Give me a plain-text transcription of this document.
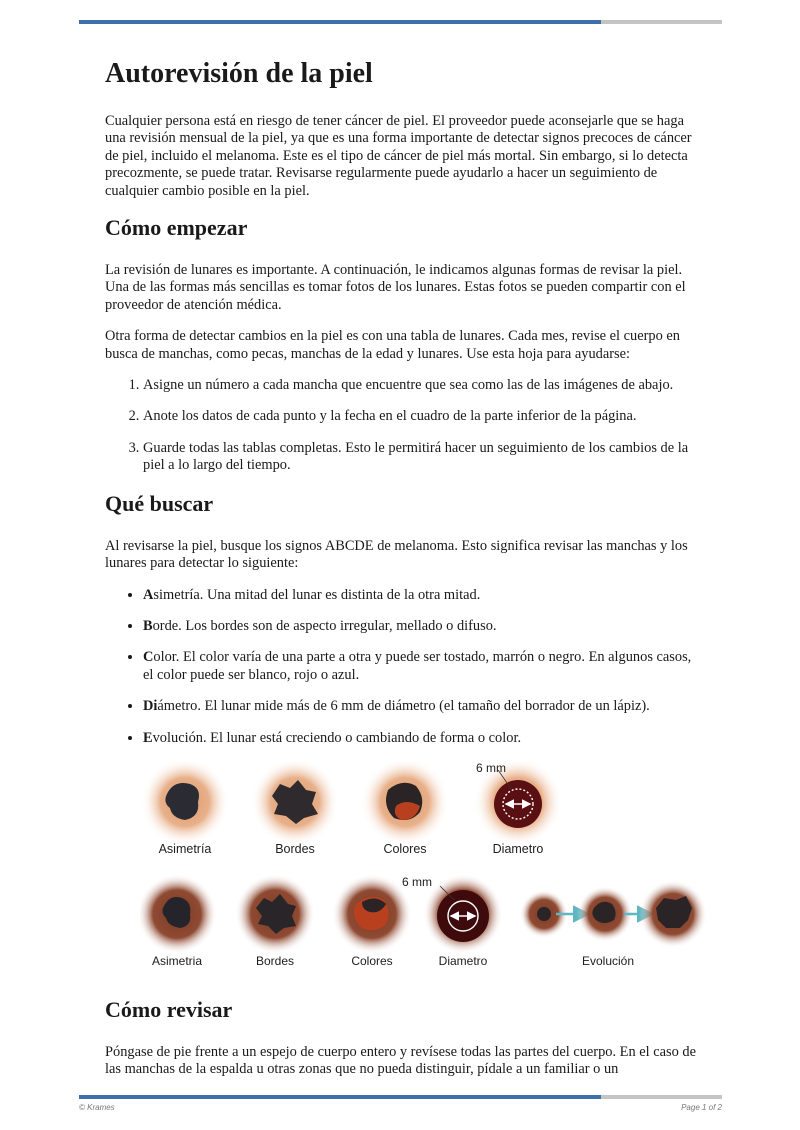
Autorevisión de la piel

Cualquier persona está en riesgo de tener cáncer de piel. El proveedor puede aconsejarle que se haga una revisión mensual de la piel, ya que es una forma importante de detectar signos precoces de cáncer de piel, incluido el melanoma. Este es el tipo de cáncer de piel más mortal. Sin embargo, si lo detecta precozmente, se puede tratar. Revisarse regularmente puede ayudarlo a hacer un seguimiento de cualquier cambio posible en la piel.

Cómo empezar

La revisión de lunares es importante. A continuación, le indicamos algunas formas de revisar la piel. Una de las formas más sencillas es tomar fotos de los lunares. Estas fotos se pueden compartir con el proveedor de atención médica.

Otra forma de detectar cambios en la piel es con una tabla de lunares. Cada mes, revise el cuerpo en busca de manchas, como pecas, manchas de la edad y lunares. Use esta hoja para ayudarse:

1. Asigne un número a cada mancha que encuentre que sea como las de las imágenes de abajo.
2. Anote los datos de cada punto y la fecha en el cuadro de la parte inferior de la página.
3. Guarde todas las tablas completas. Esto le permitirá hacer un seguimiento de los cambios de la piel a lo largo del tiempo.
Qué buscar

Al revisarse la piel, busque los signos ABCDE de melanoma. Esto significa revisar las manchas y los lunares para detectar lo siguiente:

• Asimetría. Una mitad del lunar es distinta de la otra mitad.
• Borde. Los bordes son de aspecto irregular, mellado o difuso.
• Color. El color varía de una parte a otra y puede ser tostado, marrón o negro. En algunos casos, el color puede ser blanco, rojo o azul.
• Diámetro. El lunar mide más de 6 mm de diámetro (el tamaño del borrador de un lápiz).
• Evolución. El lunar está creciendo o cambiando de forma o color.
6 mm
6 mm
Asimetría	Bordes	Colores	Diametro
Asimetria	Bordes	Colores	Diametro	Evolución
Cómo revisar

Póngase de pie frente a un espejo de cuerpo entero y revísese todas las partes del cuerpo. En el caso de las manchas de la espalda u otras zonas que no pueda distinguir, pídale a un familiar o un

© Krames	Page 1 of 2
